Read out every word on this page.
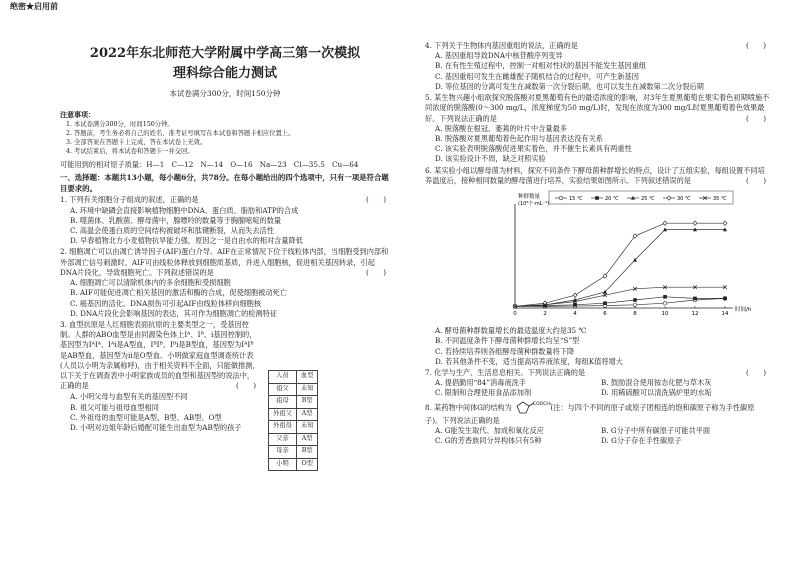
绝密★启用前
2022年东北师范大学附属中学高三第一次模拟
理科综合能力测试
本试卷满分300分，时间150分钟
注意事项：
1. 本试卷满分300分，时间150分钟。
2. 答题前，考生务必将自己的姓名、准考证号填写在本试卷和答题卡相应位置上。
3. 全部答案在答题卡上完成，答在本试卷上无效。
4. 考试结束后，将本试卷和答题卡一并交回。
可能用到的相对原子质量：H—1　C—12　N—14　O—16　Na—23　Cl—35.5　Cu—64
一、选择题：本题共13小题，每小题6分，共78分。在每小题给出的四个选项中，只有一项是符合题目要求的。
1. 下列有关细胞分子组成的叙述，正确的是	(　　)
A. 环境中缺磷会直接影响植物细胞中DNA、蛋白质、脂肪和ATP的合成
B. 噬菌体、乳酸菌、酵母菌中，腺嘌呤的数量等于胸腺嘧啶的数量
C. 高温会使蛋白质的空间结构被破坏和肽键断裂，从而失去活性
D. 早春植物北方小麦植物抗旱能力强，原因之一是自由水的相对含量降低
2. 细胞凋亡可以由凋亡诱导因子(AIF)蛋白介导。AIF在正常情况下位于线粒体内部，当细胞受到内部和外部凋亡信号刺激时，AIF可由线粒体释放到细胞质基质，并进入细胞核，促进相关基因转录，引起DNA片段化，导致细胞死亡。下列叙述错误的是	(　　)
A. 细胞凋亡可以清除机体内的多余细胞和受损细胞
B. AIF可能促进凋亡相关基因的激活和酶的合成，促使细胞被动死亡
C. 癌基因的活化、DNA损伤可引起AIF由线粒体移向细胞核
D. DNA片段化会影响基因的表达，其可作为细胞凋亡的检测特征
3. 血型抗原是人红细胞表面抗原的主要类型之一，受基因控制。人群的ABO血型是由同源染色体上Iᴬ、Iᴮ、i基因控制的，基因型为IᴬIᴬ、Iᴬi是A型血，IᴮIᴮ、Iᴮi是B型血，基因型为IᴬIᴮ是AB型血，基因型为ii是O型血。小明做家庭血型调查统计表(人员以小明为亲属称呼)，由于相关资料不全面，只能做推测，以下关于在调查表中小明家族成员的血型和基因型的说法中，正确的是	(　　)
A. 小明父母与血型有关的基因型不同
B. 祖父可能与祖母血型相同
C. 外祖母的血型可能是A型、B型、AB型、O型
D. 小明对边姐年龄后婚配可能生出血型为AB型的孩子
人员	血型
祖父	未知
祖母	B型
外祖父	A型
外祖母	未知
父亲	A型
母亲	B型
小明	O型
4. 下列关于生物体内基因重组的说法，正确的是	(　　)
A. 基因重组导致DNA中核苷酸序列变异
B. 在有性生殖过程中，控制一对相对性状的基因不能发生基因重组
C. 基因重组可发生在雌雄配子随机结合的过程中，可产生新基因
D. 等位基因的分离可发生在减数第一次分裂后期，也可以发生在减数第二次分裂后期
5. 某生物兴趣小组欲探究脱落酸对夏黑葡萄有色的最适浓度的影响，对3年生夏黑葡萄在果实着色初期喷施不同浓度的脱落酸(0～300 mg/L，浓度梯度为50 mg/L)时，发现在浓度为300 mg/L时夏黑葡萄着色效果最好。下列说法正确的是	(　　)
A. 脱落酸在根冠、萎蔫的叶片中含量最多
B. 脱落酸对夏黑葡萄着色起作用与基因表达没有关系
C. 该实验表明脱落酸促进果实着色，并不催生长素具有两重性
D. 该实验设计不周，缺乏对照实验
6. 某实验小组以酵母菌为材料，探究不同条件下酵母菌种群增长的特点，设计了五组实验，每组设置不同培养温度后，接种相同数量的酵母菌进行培养，实验结果如图所示。下列叙述错误的是	(　　)
0	2	4	6	8	10	12	14
时间/h
种群数量
(10⁶个·mL⁻¹)
15 ℃	20 ℃	25 ℃	30 ℃	35 ℃
A. 酵母菌种群数量增长的最适温度大约是35 ℃
B. 不同温度条件下酵母菌种群增长均呈“S”型
C. 若持续培养则各组酵母菌种群数量将下降
D. 若其他条件不变，适当提高培养液浓度，每组K值将增大
7. 化学与生产、生活息息相关。下列说法正确的是	(　　)
A. 提倡勤用“84”消毒液洗手	B. 鼓励混合使用铵态化肥与草木灰
C. 限制和合理使用食品添加剂	D. 用稀硫酸可以清洗锅炉里的水垢
8. 某药物中间体G的结构为	COOCH₃
(注：与四个不同的原子或原子团相连的饱和碳原子称为手性碳原子)。下列说法正确的是
A. G能发生取代、加成和氧化反应	B. G分子中所有碳原子可能共平面
C. G的芳香族同分异构体只有5种	D. G分子存在手性碳原子
